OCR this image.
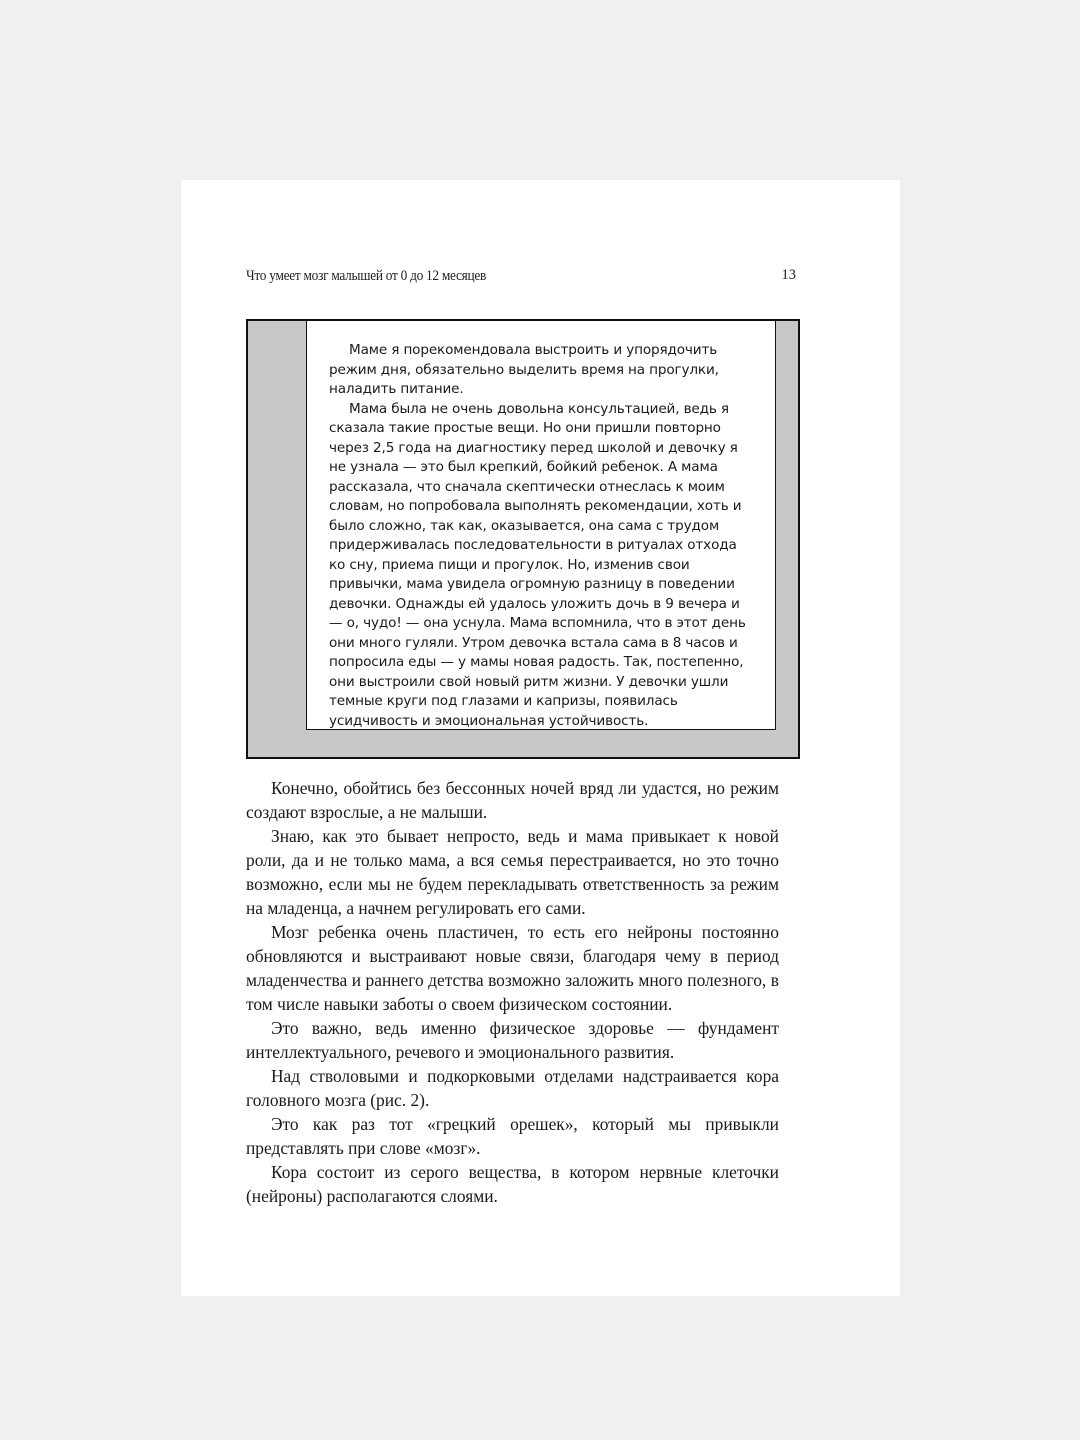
Что умеет мозг малышей от 0 до 12 месяцев	13

Маме я порекомендовала выстроить и упорядочить режим дня, обязательно выделить время на прогулки, наладить питание.

Мама была не очень довольна консультацией, ведь я сказала такие простые вещи. Но они пришли повторно через 2,5 года на диагностику перед школой и девочку я не узнала — это был крепкий, бойкий ребенок. А мама рассказала, что сначала скептически отнеслась к моим словам, но попробовала выполнять рекомендации, хоть и было сложно, так как, оказывается, она сама с трудом придерживалась последовательности в ритуалах отхода ко сну, приема пищи и прогулок. Но, изменив свои привычки, мама увидела огромную разницу в поведении девочки. Однажды ей удалось уложить дочь в 9 вечера и — о, чудо! — она уснула. Мама вспомнила, что в этот день они много гуляли. Утром девочка встала сама в 8 часов и попросила еды — у мамы новая радость. Так, постепенно, они выстроили свой новый ритм жизни. У девочки ушли темные круги под глазами и капризы, появилась усидчивость и эмоциональная устойчивость.

Конечно, обойтись без бессонных ночей вряд ли удастся, но режим создают взрослые, а не малыши.

Знаю, как это бывает непросто, ведь и мама привыкает к новой роли, да и не только мама, а вся семья перестраивается, но это точно возможно, если мы не будем перекладывать ответственность за режим на младенца, а начнем регулировать его сами.

Мозг ребенка очень пластичен, то есть его нейроны постоянно обновляются и выстраивают новые связи, благодаря чему в период младенчества и раннего детства возможно заложить много полезного, в том числе навыки заботы о своем физическом состоянии.

Это важно, ведь именно физическое здоровье — фундамент интеллектуального, речевого и эмоционального развития.

Над стволовыми и подкорковыми отделами надстраивается кора головного мозга (рис. 2).

Это как раз тот «грецкий орешек», который мы привыкли представлять при слове «мозг».

Кора состоит из серого вещества, в котором нервные клеточки (нейроны) располагаются слоями.
